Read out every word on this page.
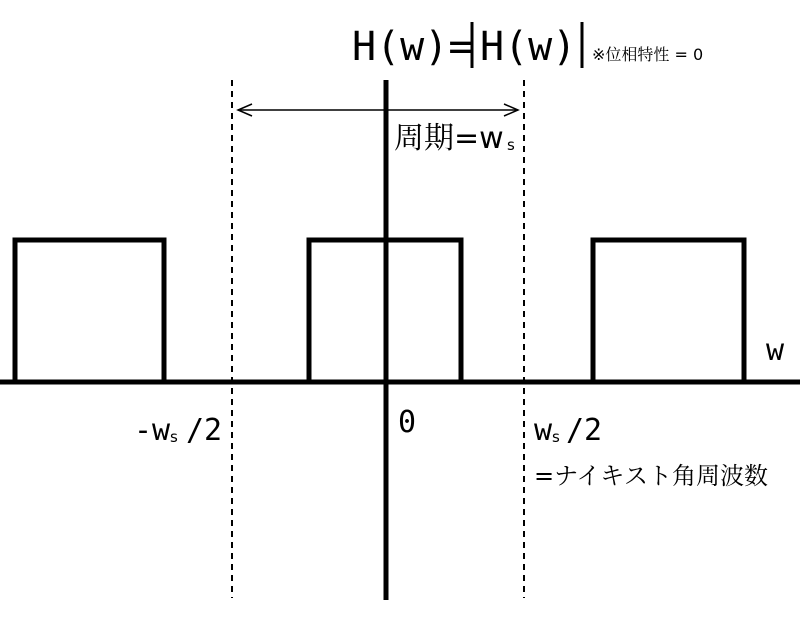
H(w)= H(w) ※位相特性 = 0
周期=w s
w
0
-w s /2	w s /2
=ナイキスト角周波数
